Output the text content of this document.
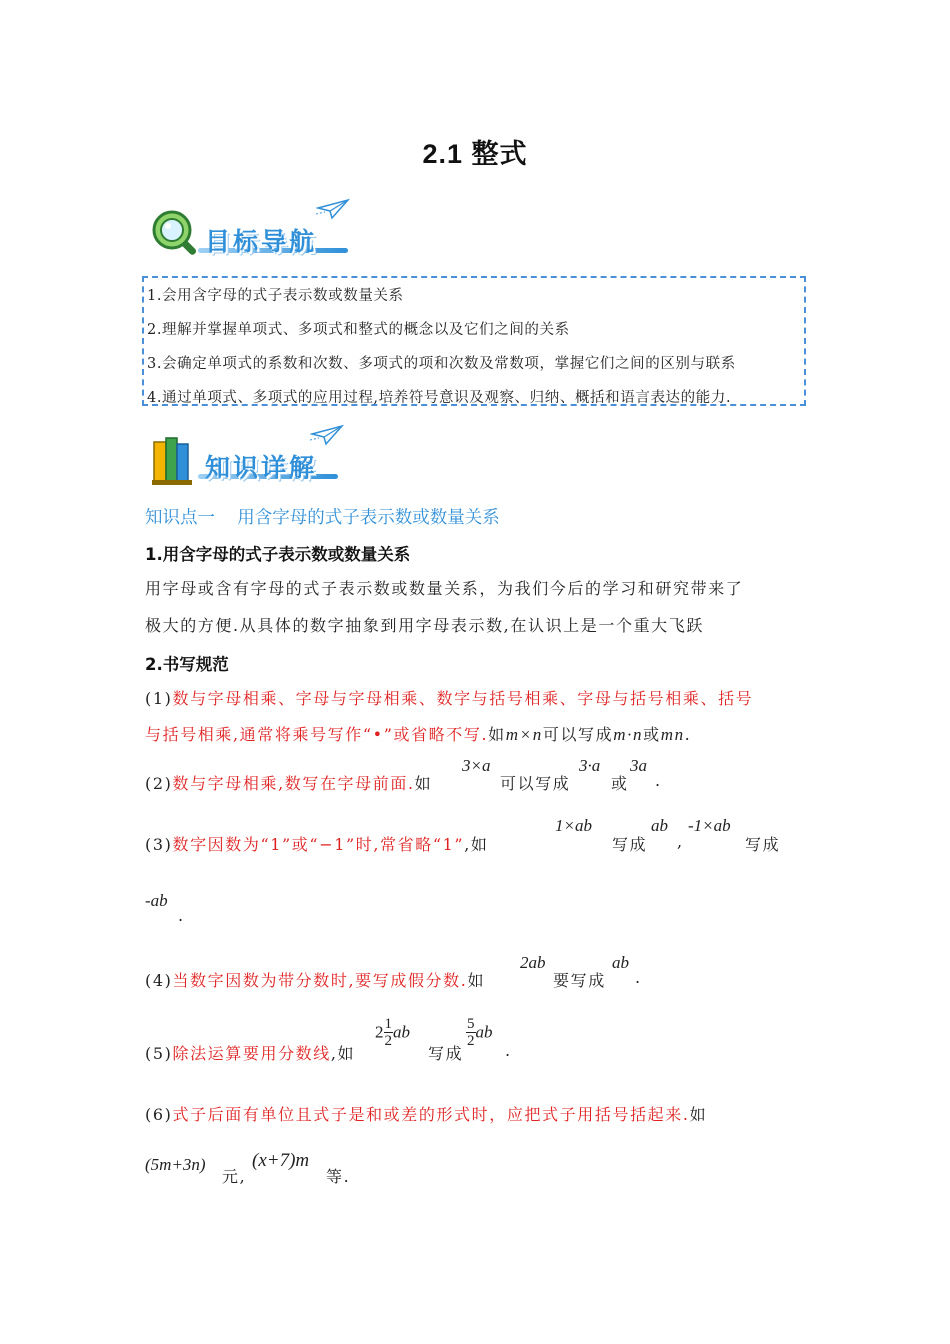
2.1 整式
目标导航
1.会用含字母的式子表示数或数量关系
2.理解并掌握单项式、多项式和整式的概念以及它们之间的关系
3.会确定单项式的系数和次数、多项式的项和次数及常数项，掌握它们之间的区别与联系
4.通过单项式、多项式的应用过程,培养符号意识及观察、归纳、概括和语言表达的能力.
知识详解
知识点一    用含字母的式子表示数或数量关系
1.用含字母的式子表示数或数量关系
用字母或含有字母的式子表示数或数量关系，为我们今后的学习和研究带来了
极大的方便.从具体的数字抽象到用字母表示数,在认识上是一个重大飞跃
2.书写规范
(1)数与字母相乘、字母与字母相乘、数字与括号相乘、字母与括号相乘、括号
与括号相乘,通常将乘号写作“•”或省略不写.如m×n可以写成m·n或mn.
(2)数与字母相乘,数写在字母前面.如
3×a
可以写成
3·a
或
3a
.
(3)数字因数为“1”或“−1”时,常省略“1”,如
1×ab
写成
ab
,
-1×ab
写成
-ab
.
(4)当数字因数为带分数时,要写成假分数.如
2ab
要写成
ab
.
(5)除法运算要用分数线,如
$2 \frac{1}{2}$ ab
写成
$\frac{5}{2}$ ab
.
(6)式子后面有单位且式子是和或差的形式时，应把式子用括号括起来.如
(5m+3n)
元,
(x+7)m
等.
